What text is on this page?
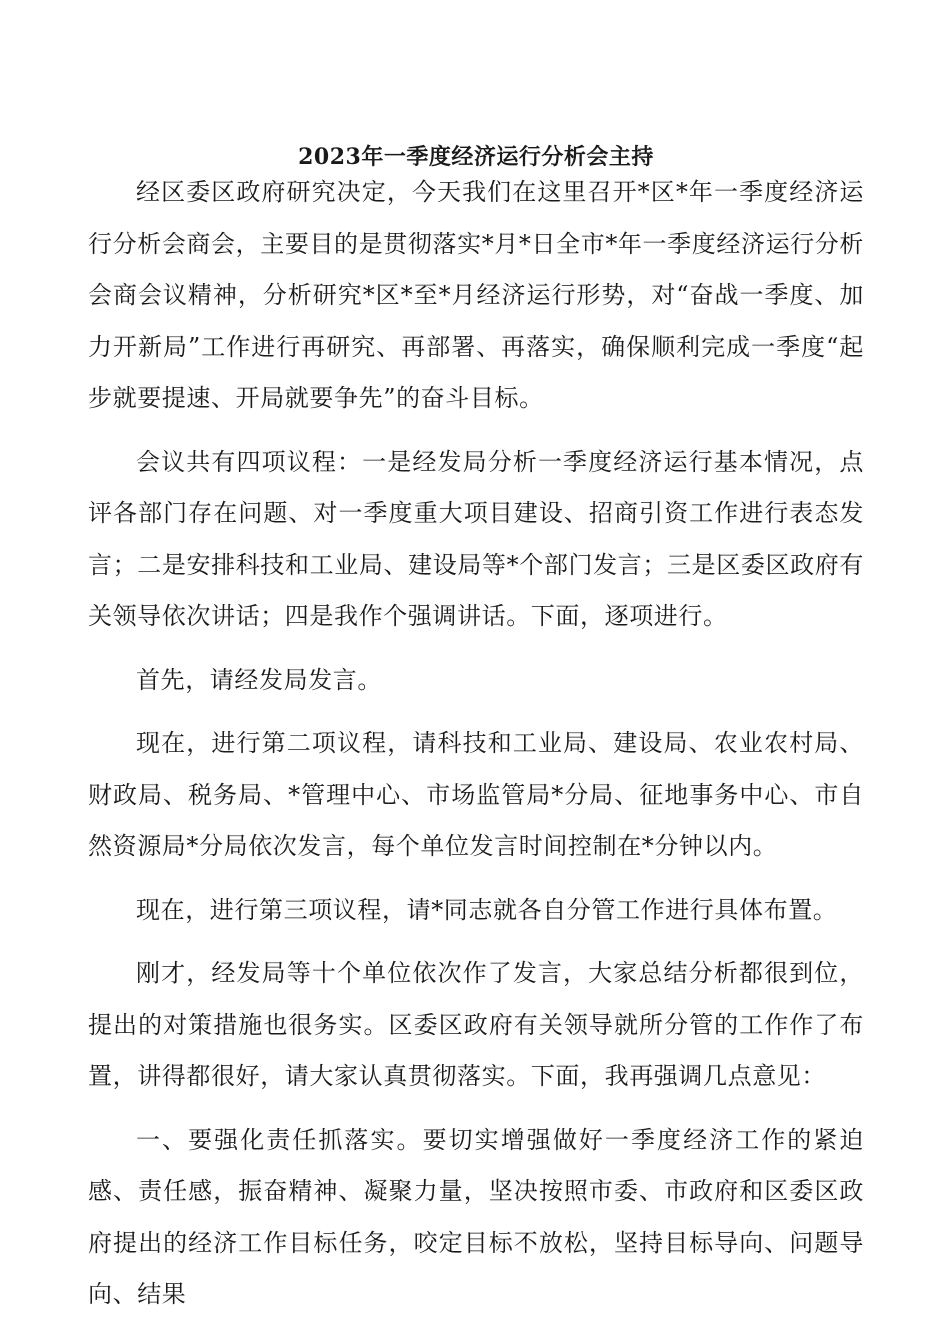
2023年一季度经济运行分析会主持

经区委区政府研究决定，今天我们在这里召开*区*年一季度经济运行分析会商会，主要目的是贯彻落实*月*日全市*年一季度经济运行分析会商会议精神，分析研究*区*至*月经济运行形势，对“奋战一季度、加力开新局”工作进行再研究、再部署、再落实，确保顺利完成一季度“起步就要提速、开局就要争先”的奋斗目标。

会议共有四项议程：一是经发局分析一季度经济运行基本情况，点评各部门存在问题、对一季度重大项目建设、招商引资工作进行表态发言；二是安排科技和工业局、建设局等*个部门发言；三是区委区政府有关领导依次讲话；四是我作个强调讲话。下面，逐项进行。

首先，请经发局发言。

现在，进行第二项议程，请科技和工业局、建设局、农业农村局、财政局、税务局、*管理中心、市场监管局*分局、征地事务中心、市自然资源局*分局依次发言，每个单位发言时间控制在*分钟以内。

现在，进行第三项议程，请*同志就各自分管工作进行具体布置。

刚才，经发局等十个单位依次作了发言，大家总结分析都很到位，提出的对策措施也很务实。区委区政府有关领导就所分管的工作作了布置，讲得都很好，请大家认真贯彻落实。下面，我再强调几点意见：

一、要强化责任抓落实。要切实增强做好一季度经济工作的紧迫感、责任感，振奋精神、凝聚力量，坚决按照市委、市政府和区委区政府提出的经济工作目标任务，咬定目标不放松，坚持目标导向、问题导向、结果
